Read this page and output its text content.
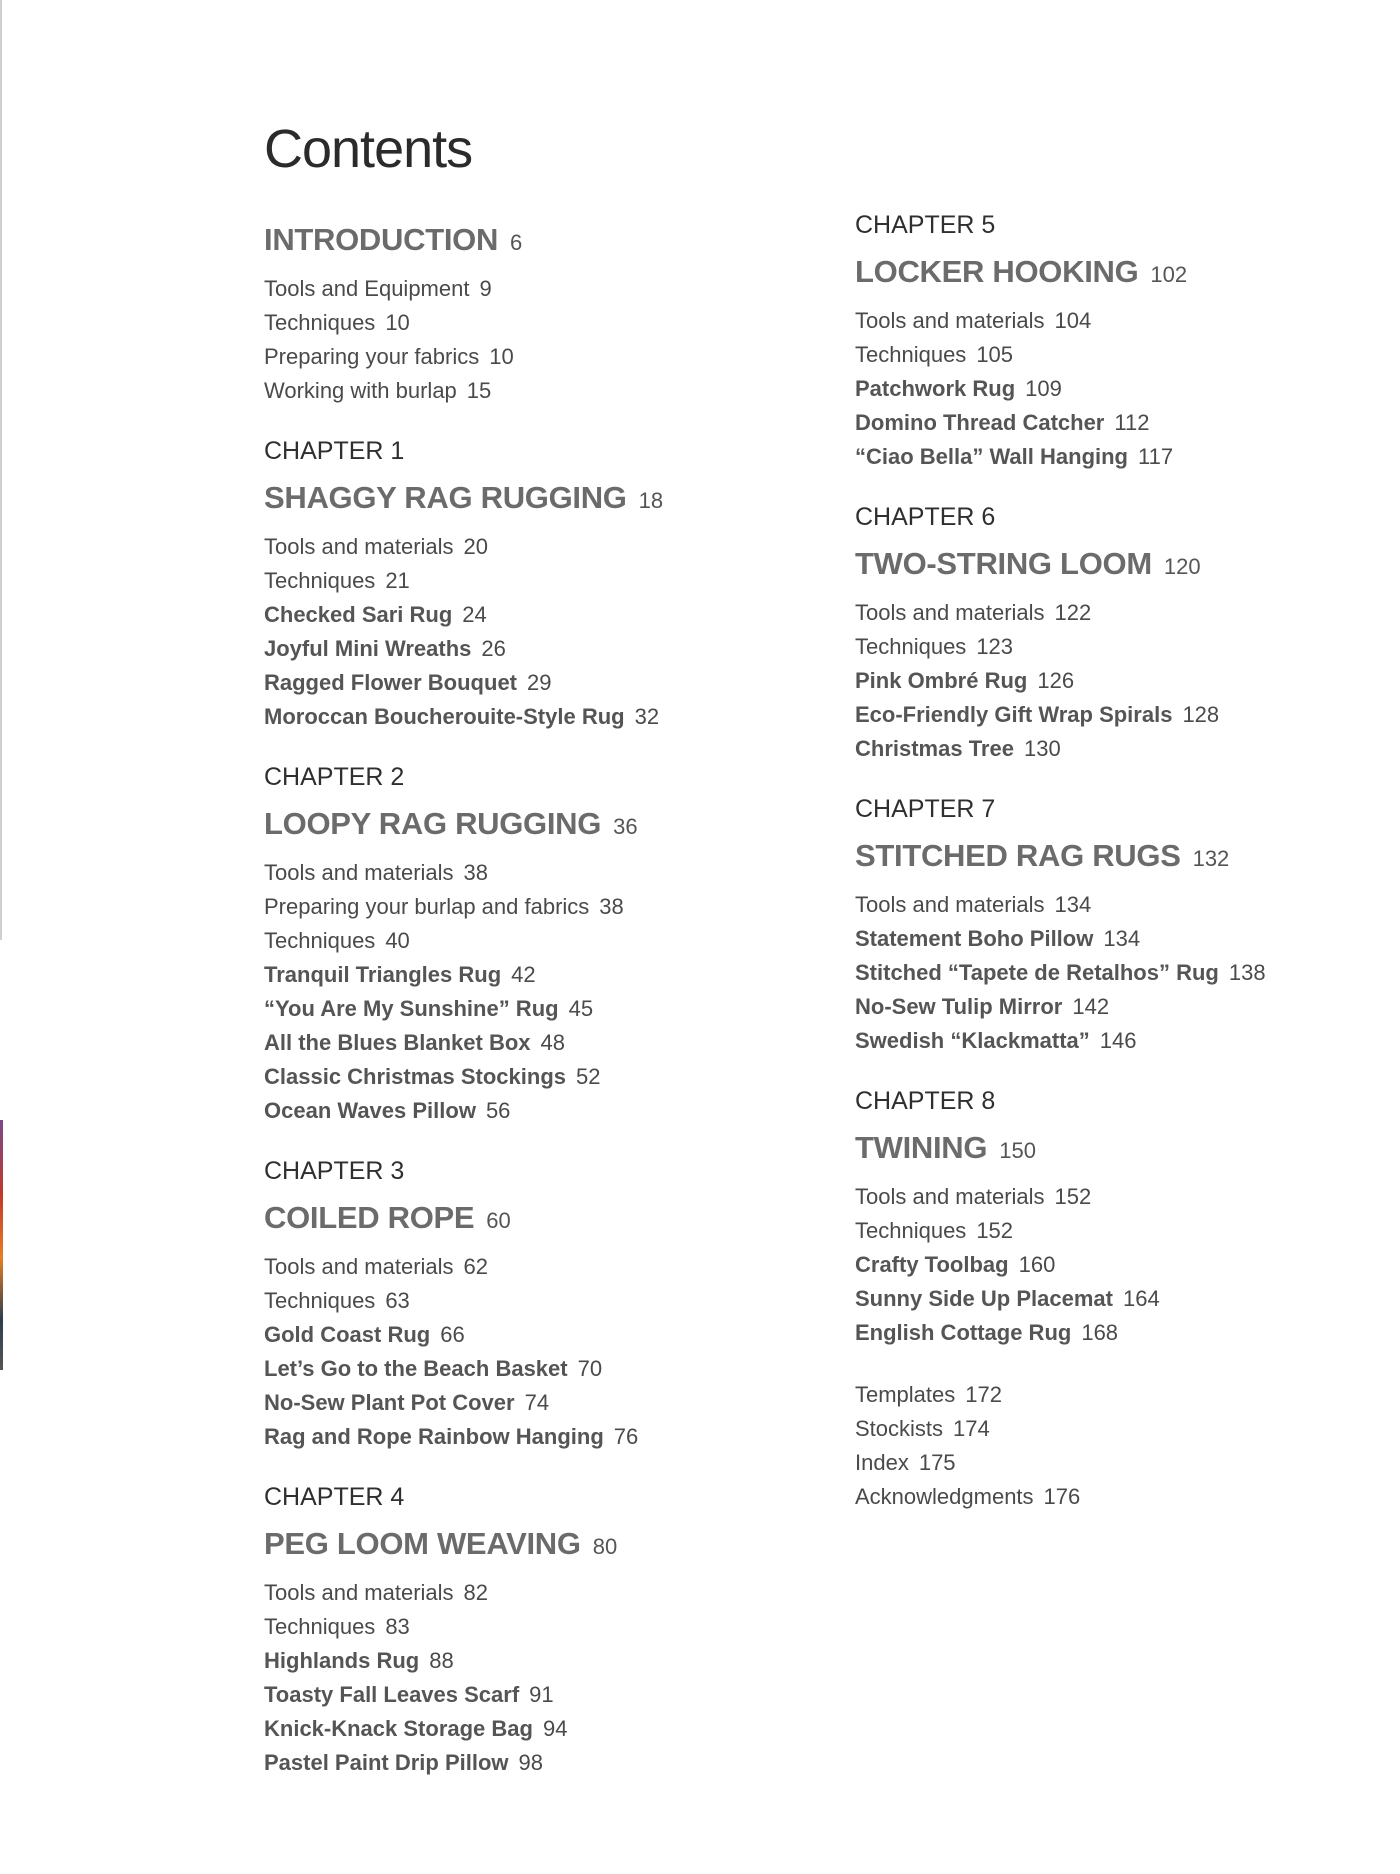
Contents
INTRODUCTION 6
Tools and Equipment 9
Techniques 10
Preparing your fabrics 10
Working with burlap 15
CHAPTER 1
SHAGGY RAG RUGGING 18
Tools and materials 20
Techniques 21
Checked Sari Rug 24
Joyful Mini Wreaths 26
Ragged Flower Bouquet 29
Moroccan Boucherouite-Style Rug 32
CHAPTER 2
LOOPY RAG RUGGING 36
Tools and materials 38
Preparing your burlap and fabrics 38
Techniques 40
Tranquil Triangles Rug 42
“You Are My Sunshine” Rug 45
All the Blues Blanket Box 48
Classic Christmas Stockings 52
Ocean Waves Pillow 56
CHAPTER 3
COILED ROPE 60
Tools and materials 62
Techniques 63
Gold Coast Rug 66
Let’s Go to the Beach Basket 70
No-Sew Plant Pot Cover 74
Rag and Rope Rainbow Hanging 76
CHAPTER 4
PEG LOOM WEAVING 80
Tools and materials 82
Techniques 83
Highlands Rug 88
Toasty Fall Leaves Scarf 91
Knick-Knack Storage Bag 94
Pastel Paint Drip Pillow 98
CHAPTER 5
LOCKER HOOKING 102
Tools and materials 104
Techniques 105
Patchwork Rug 109
Domino Thread Catcher 112
“Ciao Bella” Wall Hanging 117
CHAPTER 6
TWO-STRING LOOM 120
Tools and materials 122
Techniques 123
Pink Ombré Rug 126
Eco-Friendly Gift Wrap Spirals 128
Christmas Tree 130
CHAPTER 7
STITCHED RAG RUGS 132
Tools and materials 134
Statement Boho Pillow 134
Stitched “Tapete de Retalhos” Rug 138
No-Sew Tulip Mirror 142
Swedish “Klackmatta” 146
CHAPTER 8
TWINING 150
Tools and materials 152
Techniques 152
Crafty Toolbag 160
Sunny Side Up Placemat 164
English Cottage Rug 168
Templates 172
Stockists 174
Index 175
Acknowledgments 176
